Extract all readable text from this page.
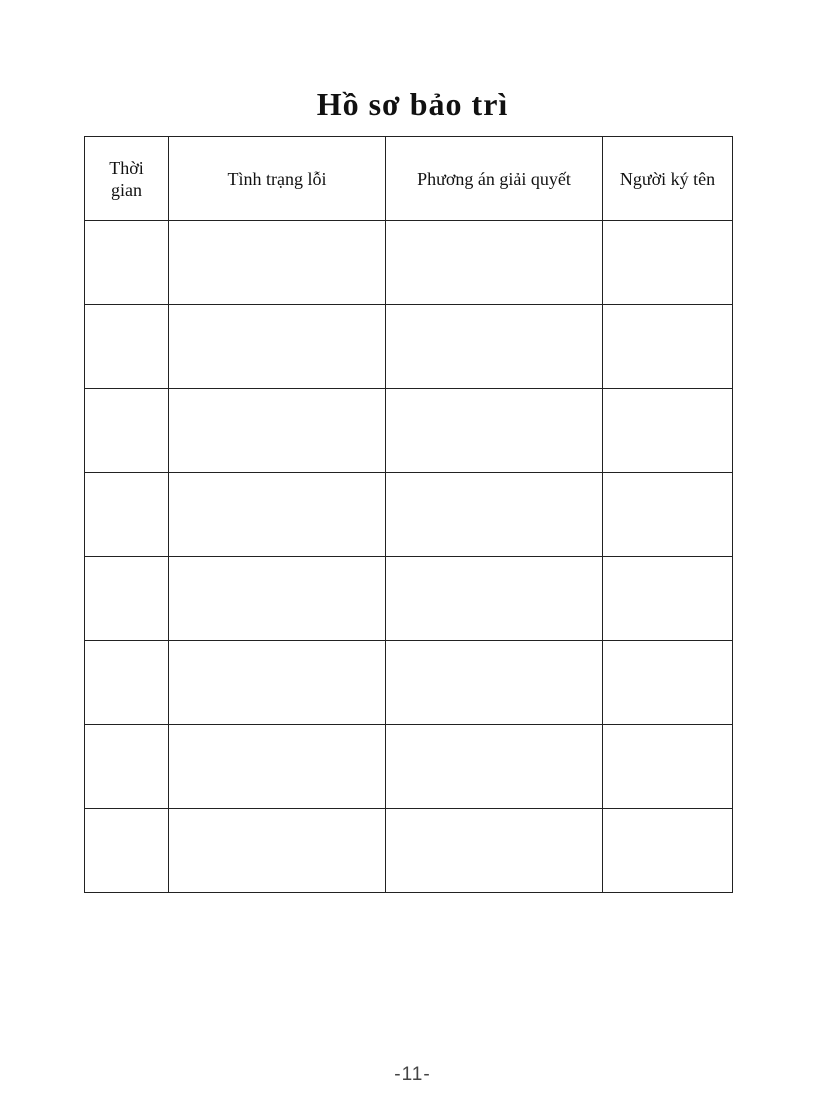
Hồ sơ bảo trì
Thời
gian	Tình trạng lỗi	Phương án giải quyết	Người ký tên

-11-
